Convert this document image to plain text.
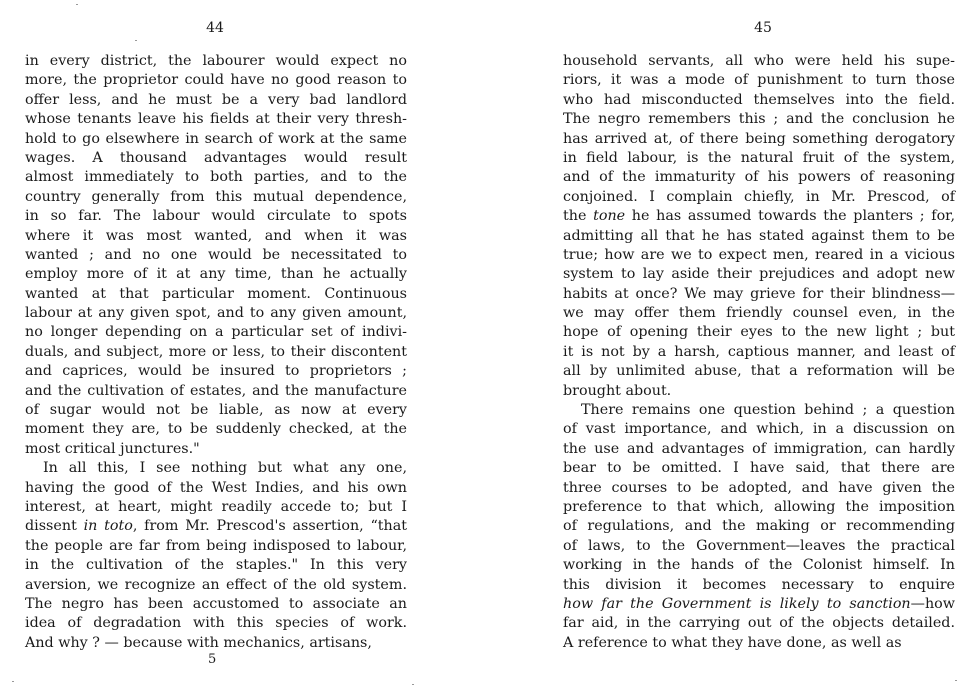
44
in every district, the labourer would expect no
more, the proprietor could have no good reason to
offer less, and he must be a very bad landlord
whose tenants leave his fields at their very thresh-
hold to go elsewhere in search of work at the same
wages. A thousand advantages would result
almost immediately to both parties, and to the
country generally from this mutual dependence,
in so far. The labour would circulate to spots
where it was most wanted, and when it was
wanted ; and no one would be necessitated to
employ more of it at any time, than he actually
wanted at that particular moment. Continuous
labour at any given spot, and to any given amount,
no longer depending on a particular set of indivi-
duals, and subject, more or less, to their discontent
and caprices, would be insured to proprietors ;
and the cultivation of estates, and the manufacture
of sugar would not be liable, as now at every
moment they are, to be suddenly checked, at the
most critical junctures."
In all this, I see nothing but what any one,
having the good of the West Indies, and his own
interest, at heart, might readily accede to; but I
dissent in toto, from Mr. Prescod's assertion, “that
the people are far from being indisposed to labour,
in the cultivation of the staples." In this very
aversion, we recognize an effect of the old system.
The negro has been accustomed to associate an
idea of degradation with this species of work.
And why ? — because with mechanics, artisans,
5
45
household servants, all who were held his supe-
riors, it was a mode of punishment to turn those
who had misconducted themselves into the field.
The negro remembers this ; and the conclusion he
has arrived at, of there being something derogatory
in field labour, is the natural fruit of the system,
and of the immaturity of his powers of reasoning
conjoined. I complain chiefly, in Mr. Prescod, of
the tone he has assumed towards the planters ; for,
admitting all that he has stated against them to be
true; how are we to expect men, reared in a vicious
system to lay aside their prejudices and adopt new
habits at once? We may grieve for their blindness—
we may offer them friendly counsel even, in the
hope of opening their eyes to the new light ; but
it is not by a harsh, captious manner, and least of
all by unlimited abuse, that a reformation will be
brought about.
There remains one question behind ; a question
of vast importance, and which, in a discussion on
the use and advantages of immigration, can hardly
bear to be omitted. I have said, that there are
three courses to be adopted, and have given the
preference to that which, allowing the imposition
of regulations, and the making or recommending
of laws, to the Government—leaves the practical
working in the hands of the Colonist himself. In
this division it becomes necessary to enquire
how far the Government is likely to sanction—how
far aid, in the carrying out of the objects detailed.
A reference to what they have done, as well as
